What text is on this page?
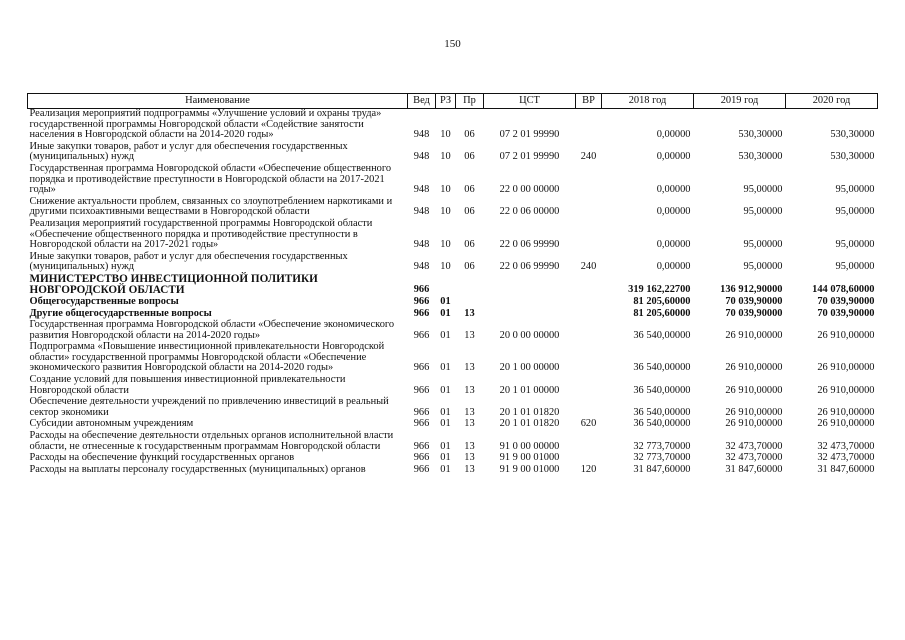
150
Наименование	Вед	РЗ	Пр	ЦСТ	ВР	2018 год	2019 год	2020 год
Реализация мероприятий подпрограммы «Улучшение условий и охраны труда» государственной программы Новгородской области «Содействие занятости населения в Новгородской области на 2014-2020 годы»	948	10	06	07 2 01 99990		0,00000	530,30000	530,30000
Иные закупки товаров, работ и услуг для обеспечения государственных (муниципальных) нужд	948	10	06	07 2 01 99990	240	0,00000	530,30000	530,30000
Государственная программа Новгородской области «Обеспечение общественного порядка и противодействие преступности в Новгородской области на 2017-2021 годы»	948	10	06	22 0 00 00000		0,00000	95,00000	95,00000
Снижение актуальности проблем, связанных со злоупотреблением наркотиками и другими психоактивными веществами в Новгородской области	948	10	06	22 0 06 00000		0,00000	95,00000	95,00000
Реализация мероприятий государственной программы Новгородской области «Обеспечение общественного порядка и противодействие преступности в Новгородской области на 2017-2021 годы»	948	10	06	22 0 06 99990		0,00000	95,00000	95,00000
Иные закупки товаров, работ и услуг для обеспечения государственных (муниципальных) нужд	948	10	06	22 0 06 99990	240	0,00000	95,00000	95,00000
МИНИСТЕРСТВО ИНВЕСТИЦИОННОЙ ПОЛИТИКИ НОВГОРОДСКОЙ ОБЛАСТИ	966					319 162,22700	136 912,90000	144 078,60000
Общегосударственные вопросы	966	01				81 205,60000	70 039,90000	70 039,90000
Другие общегосударственные вопросы	966	01	13			81 205,60000	70 039,90000	70 039,90000
Государственная программа Новгородской области «Обеспечение экономического развития Новгородской области на 2014-2020 годы»	966	01	13	20 0 00 00000		36 540,00000	26 910,00000	26 910,00000
Подпрограмма «Повышение инвестиционной привлекательности Новгородской области» государственной программы Новгородской области «Обеспечение экономического развития Новгородской области на 2014-2020 годы»	966	01	13	20 1 00 00000		36 540,00000	26 910,00000	26 910,00000
Создание условий для повышения инвестиционной привлекательности Новгородской области	966	01	13	20 1 01 00000		36 540,00000	26 910,00000	26 910,00000
Обеспечение деятельности учреждений по привлечению инвестиций в реальный сектор экономики	966	01	13	20 1 01 01820		36 540,00000	26 910,00000	26 910,00000
Субсидии автономным учреждениям	966	01	13	20 1 01 01820	620	36 540,00000	26 910,00000	26 910,00000
Расходы на обеспечение деятельности отдельных органов исполнительной власти области, не отнесенные к государственным программам Новгородской области	966	01	13	91 0 00 00000		32 773,70000	32 473,70000	32 473,70000
Расходы на обеспечение функций государственных органов	966	01	13	91 9 00 01000		32 773,70000	32 473,70000	32 473,70000
Расходы на выплаты персоналу государственных (муниципальных) органов	966	01	13	91 9 00 01000	120	31 847,60000	31 847,60000	31 847,60000
